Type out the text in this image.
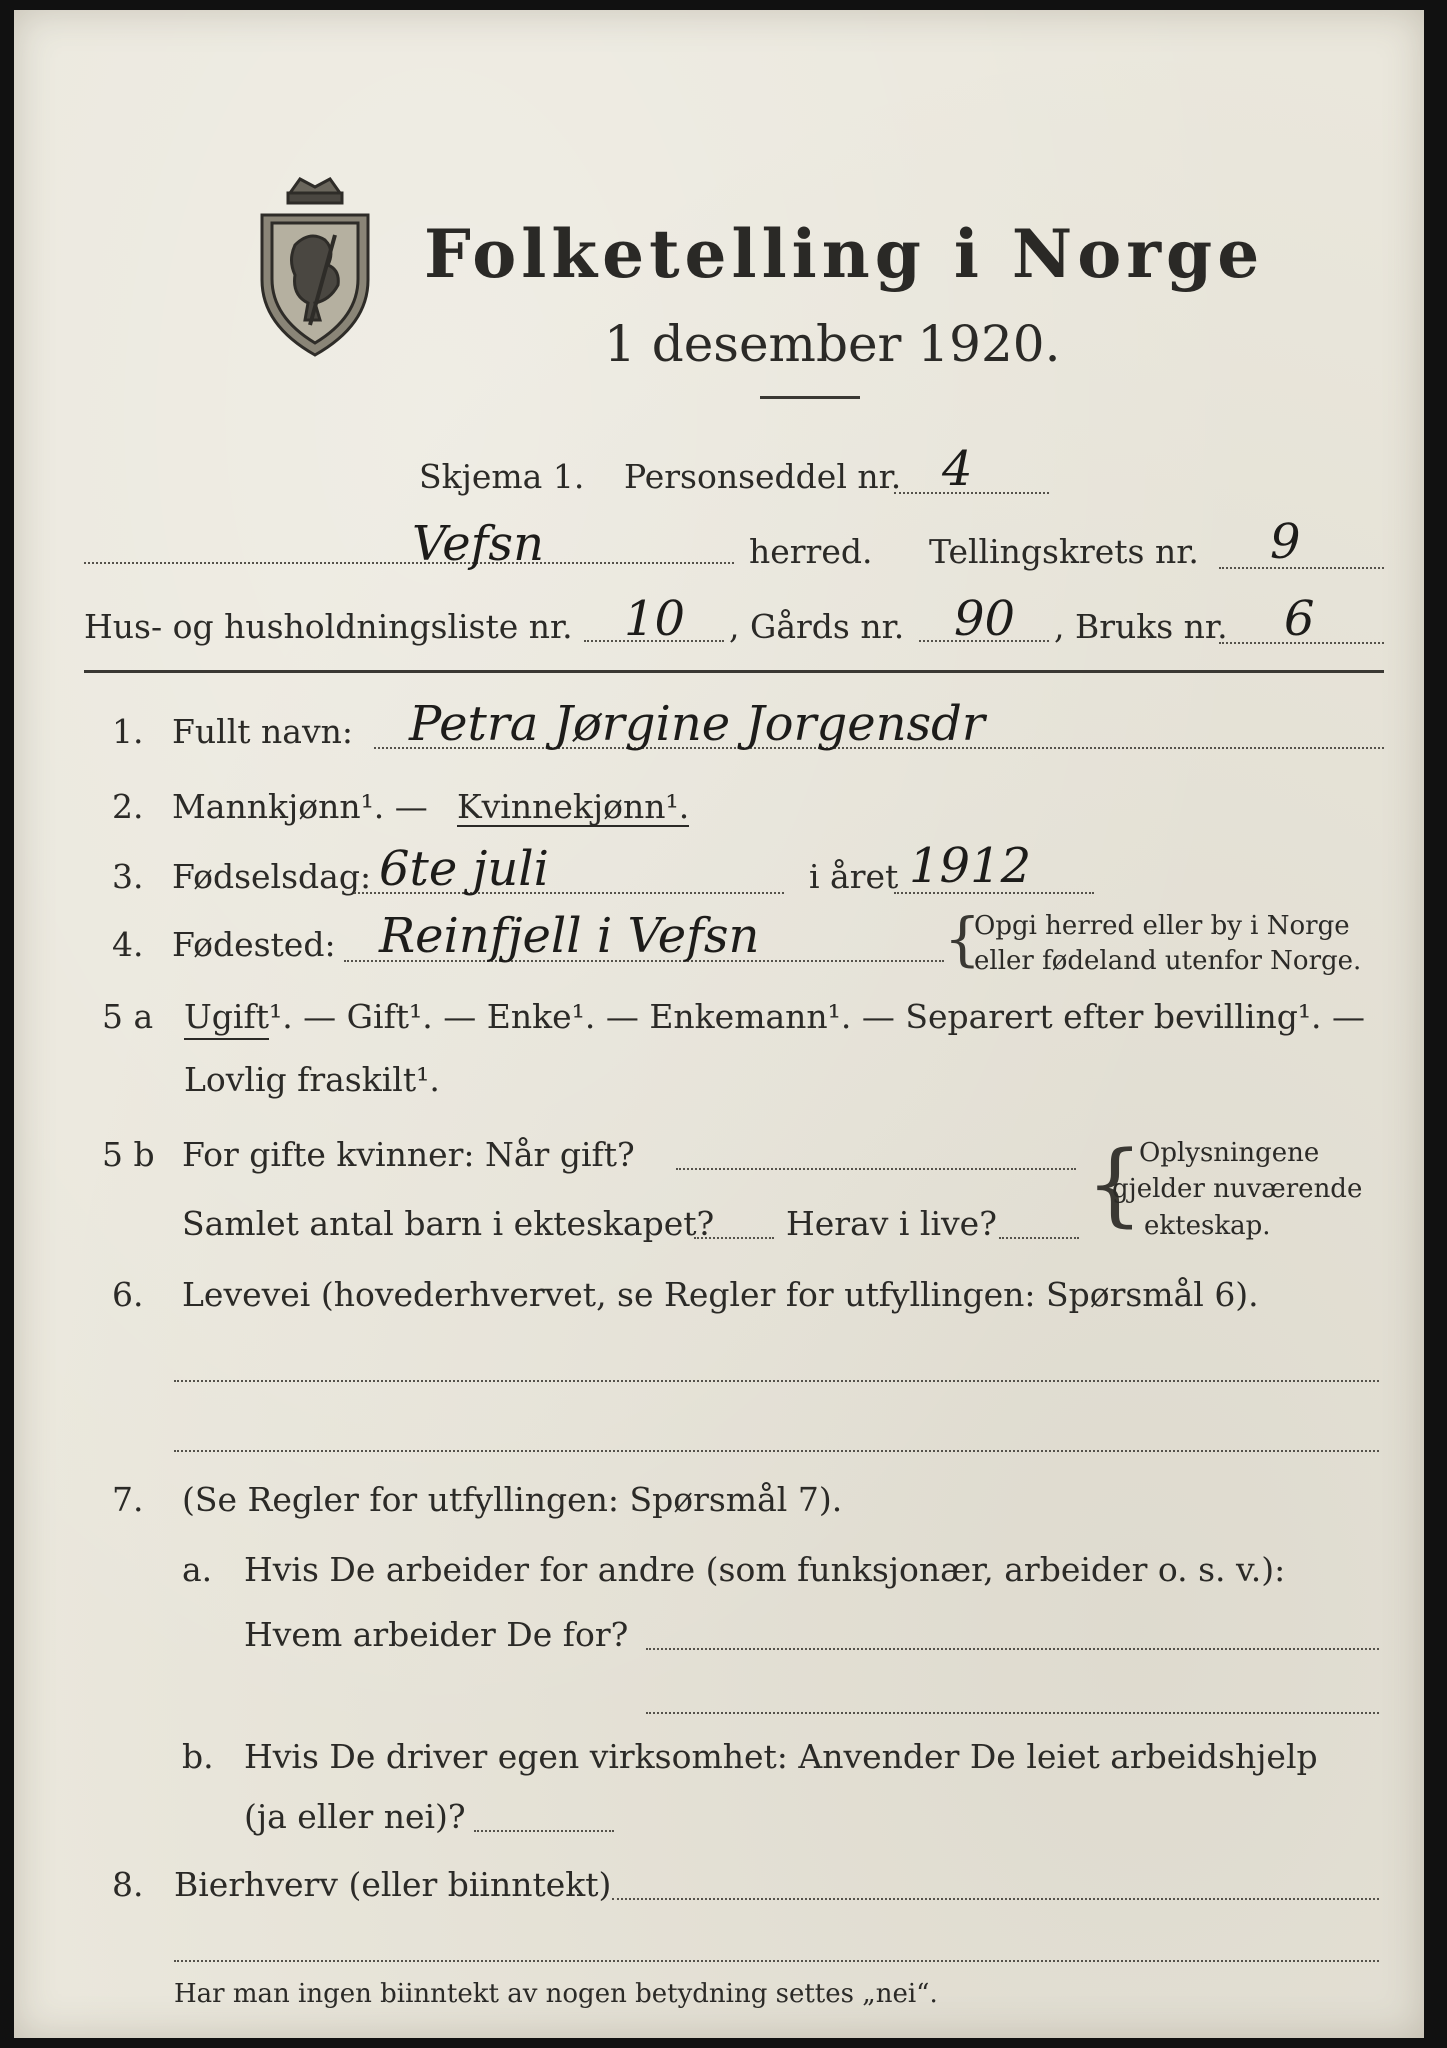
Folketelling i Norge
1 desember 1920.
Skjema 1. Personseddel nr. 4
Vefsn	herred. Tellingskrets nr. 9
Hus- og husholdningsliste nr. 10 , Gårds nr. 90 , Bruks nr. 6
1. Fullt navn: Petra Jørgine Jorgensdr
2. Mannkjønn¹. — Kvinnekjønn¹.
3. Fødselsdag: 6te juli	i året 1912
4. Fødested: Reinfjell i Vefsn	{
Opgi herred eller by i Norge
eller fødeland utenfor Norge.
5 a Ugift¹. — Gift¹. — Enke¹. — Enkemann¹. — Separert efter bevilling¹. —
Lovlig fraskilt¹.
5 b For gifte kvinner: Når gift?
Samlet antal barn i ekteskapet? Herav i live? {
Oplysningene
gjelder nuværende
ekteskap.
6. Levevei (hovederhvervet, se Regler for utfyllingen: Spørsmål 6).
7. (Se Regler for utfyllingen: Spørsmål 7).
a. Hvis De arbeider for andre (som funksjonær, arbeider o. s. v.):
Hvem arbeider De for?
b. Hvis De driver egen virksomhet: Anvender De leiet arbeidshjelp
(ja eller nei)?
8. Bierhverv (eller biinntekt)
Har man ingen biinntekt av nogen betydning settes „nei“.
